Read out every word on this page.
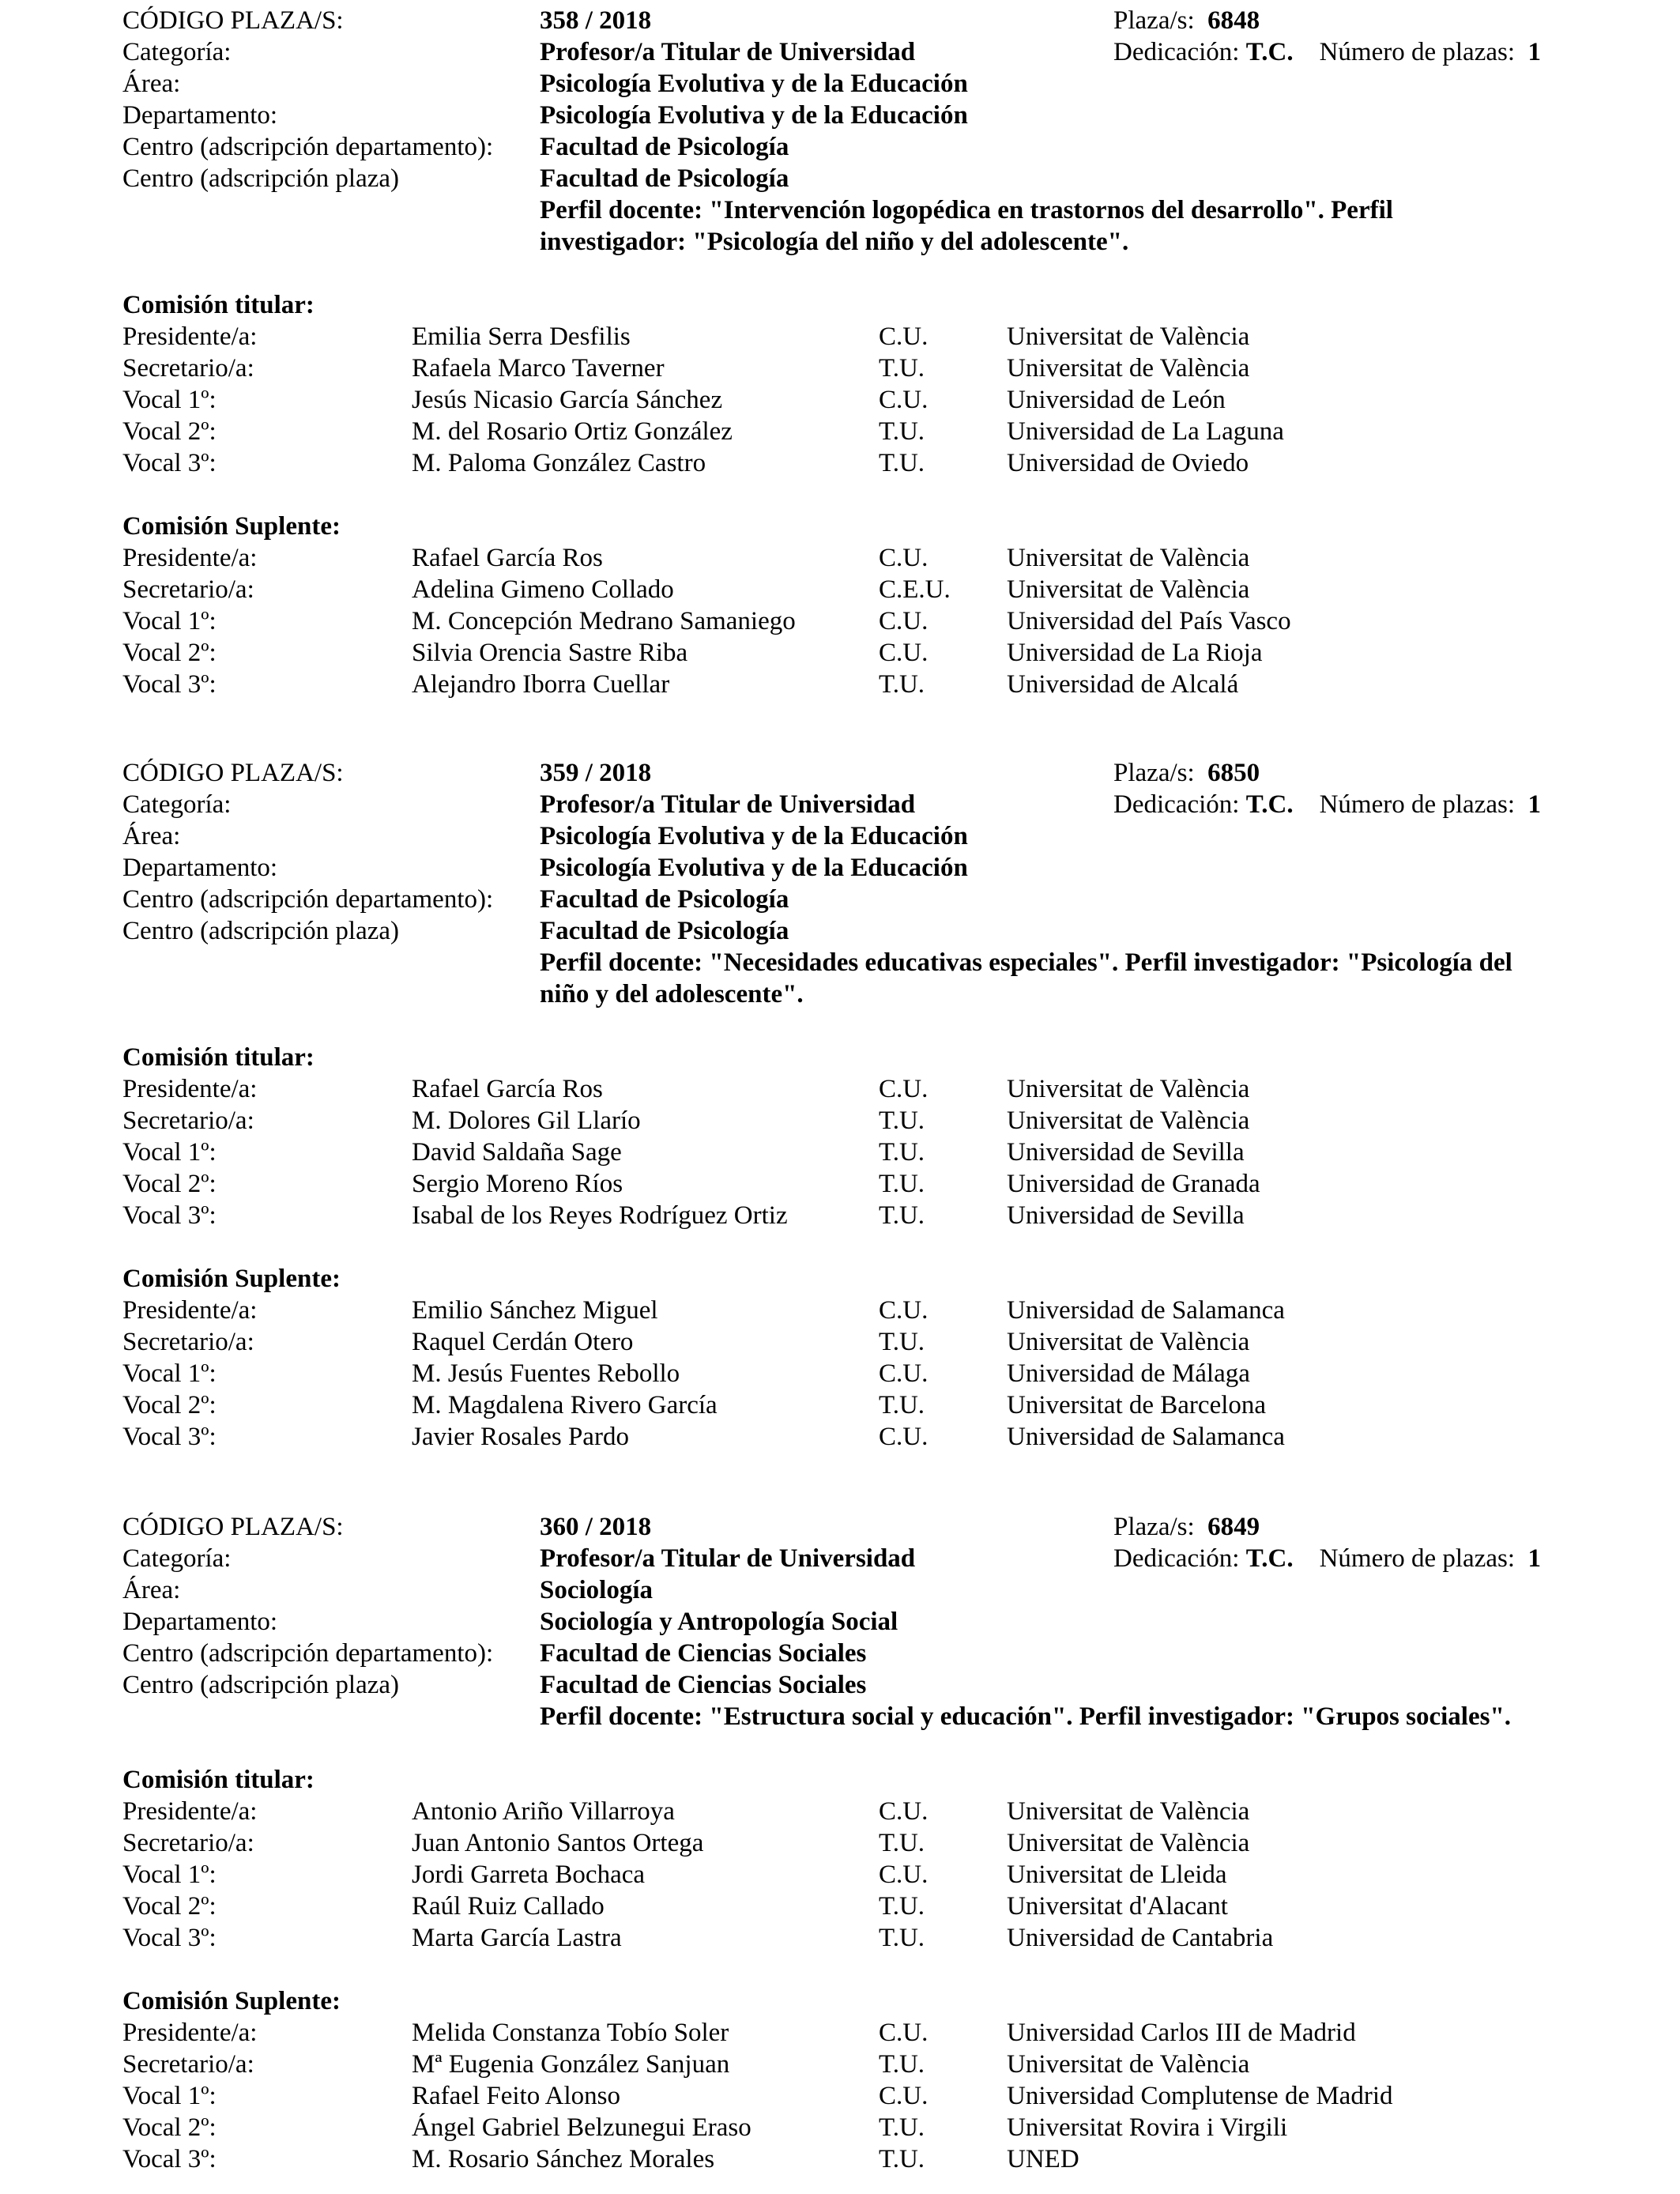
CÓDIGO PLAZA/S:	358 / 2018	Plaza/s: 6848
Categoría:	Profesor/a Titular de Universidad	Dedicación: T.C. Número de plazas: 1
Área:	Psicología Evolutiva y de la Educación
Departamento:	Psicología Evolutiva y de la Educación
Centro (adscripción departamento): Facultad de Psicología
Centro (adscripción plaza)	Facultad de Psicología
Perfil docente: "Intervención logopédica en trastornos del desarrollo". Perfil
investigador: "Psicología del niño y del adolescente".
Comisión titular:
Presidente/a:	Emilia Serra Desfilis	C.U.	Universitat de València
Secretario/a:	Rafaela Marco Taverner	T.U.	Universitat de València
Vocal 1º:	Jesús Nicasio García Sánchez	C.U.	Universidad de León
Vocal 2º:	M. del Rosario Ortiz González	T.U.	Universidad de La Laguna
Vocal 3º:	M. Paloma González Castro	T.U.	Universidad de Oviedo
Comisión Suplente:
Presidente/a:	Rafael García Ros	C.U.	Universitat de València
Secretario/a:	Adelina Gimeno Collado	C.E.U. Universitat de València
Vocal 1º:	M. Concepción Medrano Samaniego	C.U.	Universidad del País Vasco
Vocal 2º:	Silvia Orencia Sastre Riba	C.U.	Universidad de La Rioja
Vocal 3º:	Alejandro Iborra Cuellar	T.U.	Universidad de Alcalá
CÓDIGO PLAZA/S:	359 / 2018	Plaza/s: 6850
Categoría:	Profesor/a Titular de Universidad	Dedicación: T.C. Número de plazas: 1
Área:	Psicología Evolutiva y de la Educación
Departamento:	Psicología Evolutiva y de la Educación
Centro (adscripción departamento): Facultad de Psicología
Centro (adscripción plaza)	Facultad de Psicología
Perfil docente: "Necesidades educativas especiales". Perfil investigador: "Psicología del
niño y del adolescente".
Comisión titular:
Presidente/a:	Rafael García Ros	C.U.	Universitat de València
Secretario/a:	M. Dolores Gil Llarío	T.U.	Universitat de València
Vocal 1º:	David Saldaña Sage	T.U.	Universidad de Sevilla
Vocal 2º:	Sergio Moreno Ríos	T.U.	Universidad de Granada
Vocal 3º:	Isabal de los Reyes Rodríguez Ortiz	T.U.	Universidad de Sevilla
Comisión Suplente:
Presidente/a:	Emilio Sánchez Miguel	C.U.	Universidad de Salamanca
Secretario/a:	Raquel Cerdán Otero	T.U.	Universitat de València
Vocal 1º:	M. Jesús Fuentes Rebollo	C.U.	Universidad de Málaga
Vocal 2º:	M. Magdalena Rivero García	T.U.	Universitat de Barcelona
Vocal 3º:	Javier Rosales Pardo	C.U.	Universidad de Salamanca
CÓDIGO PLAZA/S:	360 / 2018	Plaza/s: 6849
Categoría:	Profesor/a Titular de Universidad	Dedicación: T.C. Número de plazas: 1
Área:	Sociología
Departamento:	Sociología y Antropología Social
Centro (adscripción departamento): Facultad de Ciencias Sociales
Centro (adscripción plaza)	Facultad de Ciencias Sociales
Perfil docente: "Estructura social y educación". Perfil investigador: "Grupos sociales".
Comisión titular:
Presidente/a:	Antonio Ariño Villarroya	C.U.	Universitat de València
Secretario/a:	Juan Antonio Santos Ortega	T.U.	Universitat de València
Vocal 1º:	Jordi Garreta Bochaca	C.U.	Universitat de Lleida
Vocal 2º:	Raúl Ruiz Callado	T.U.	Universitat d'Alacant
Vocal 3º:	Marta García Lastra	T.U.	Universidad de Cantabria
Comisión Suplente:
Presidente/a:	Melida Constanza Tobío Soler	C.U.	Universidad Carlos III de Madrid
Secretario/a:	Mª Eugenia González Sanjuan	T.U.	Universitat de València
Vocal 1º:	Rafael Feito Alonso	C.U.	Universidad Complutense de Madrid
Vocal 2º:	Ángel Gabriel Belzunegui Eraso	T.U.	Universitat Rovira i Virgili
Vocal 3º:	M. Rosario Sánchez Morales	T.U.	UNED
